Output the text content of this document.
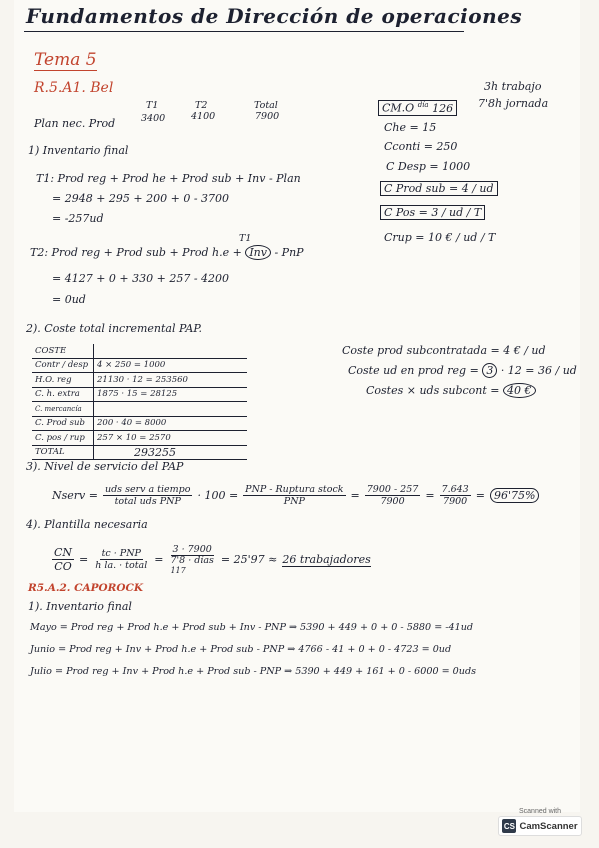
Fundamentos de Dirección de operaciones
Tema 5
R.5.A1. Bel
T1	T2	Total
Plan nec. Prod	3400	4100	7900
1) Inventario final
T1: Prod reg + Prod he + Prod sub + Inv - Plan
= 2948 + 295 + 200 + 0 - 3700
= -257ud
T1
T2: Prod reg + Prod sub + Prod h.e + Inv - PnP
= 4127 + 0 + 330 + 257 - 4200
= 0ud
3h trabajo
7'8h jornada
CM.O $^{día}$ 126
Che = 15
Cconti = 250
C Desp = 1000
C Prod sub = 4 / ud
C Pos = 3 / ud / T
Crup = 10 € / ud / T
2). Coste total incremental PAP.
COSTE	
Contr / desp	4 × 250 = 1000
H.O. reg	21130 · 12 = 253560
C. h. extra	1875 · 15 = 28125
C. mercancía	
C. Prod sub	200 · 40 = 8000
C. pos / rup	257 × 10 = 2570
TOTAL	293255
Coste prod subcontratada = 4 € / ud
Coste ud en prod reg = 3 · 12 = 36 / ud
Costes × uds subcont = 40 €
3). Nivel de servicio del PAP
Nserv = $\frac{\text{uds serv a tiempo}}{\text{total uds PNP}} \cdot 100 = \frac{\text{PNP - Ruptura stock}}{\text{PNP}} = \frac{7900 - 257}{7900} = \frac{7.643}{7900} = 96'75\%$
4). Plantilla necesaria
$\frac{CN}{CO} = \frac{\text{tc · PNP}}{\text{h la. · total}}$ =
3 · 7900
7'8 · días
117
= 25'97 ≈ 26 trabajadores
R5.A.2. CAPOROCK
1). Inventario final
Mayo = Prod reg + Prod h.e + Prod sub + Inv - PNP ⇒ 5390 + 449 + 0 + 0 - 5880 = -41ud
Junio = Prod reg + Inv + Prod h.e + Prod sub - PNP ⇒ 4766 - 41 + 0 + 0 - 4723 = 0ud
Julio = Prod reg + Inv + Prod h.e + Prod sub - PNP ⇒ 5390 + 449 + 161 + 0 - 6000 = 0uds
Scanned with
CS CamScanner
